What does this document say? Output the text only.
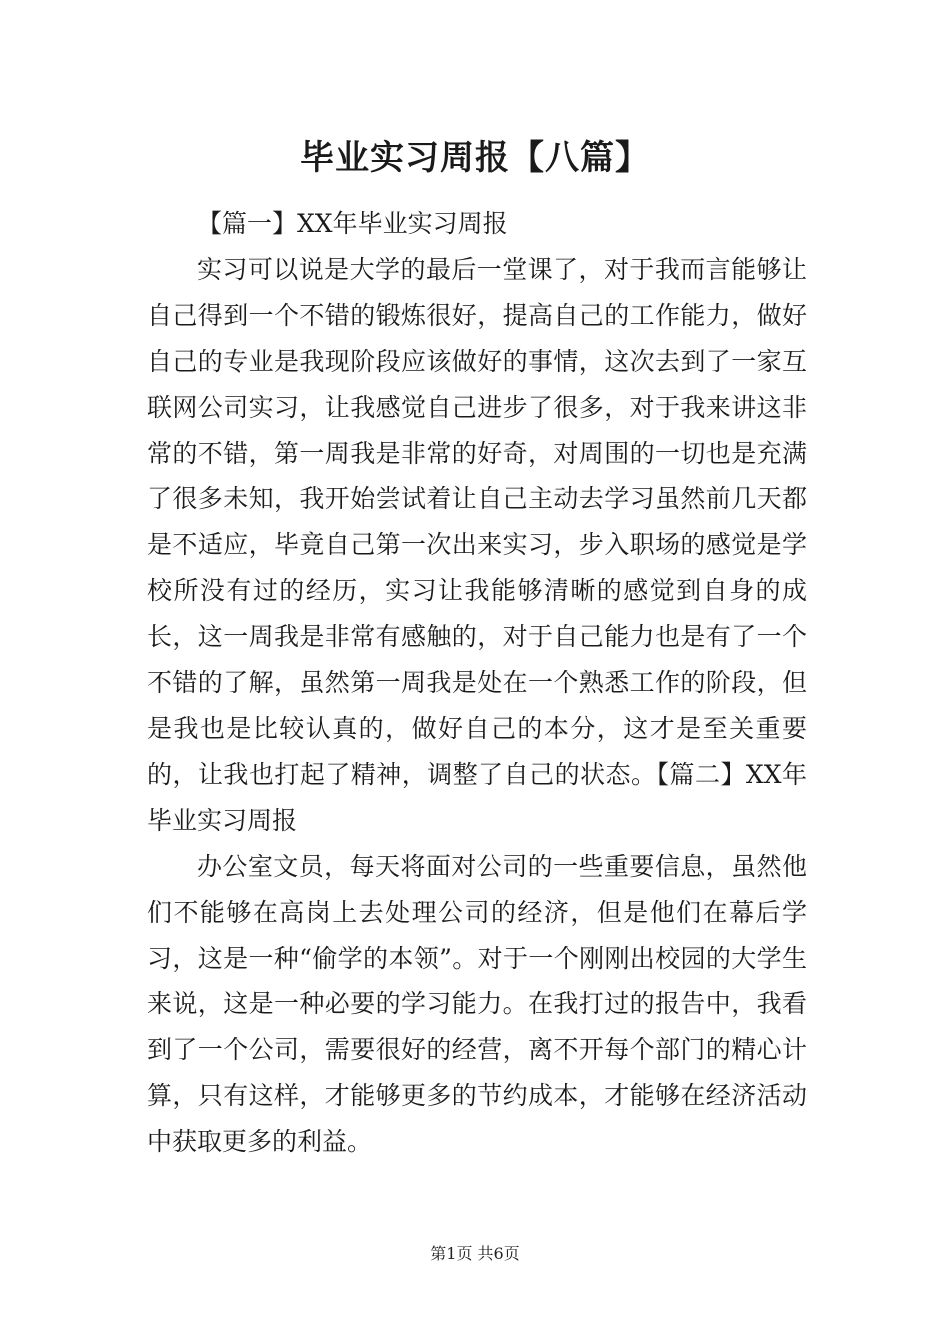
毕业实习周报【八篇】

【篇一】XX年毕业实习周报

实习可以说是大学的最后一堂课了，对于我而言能够让自己得到一个不错的锻炼很好，提高自己的工作能力，做好自己的专业是我现阶段应该做好的事情，这次去到了一家互联网公司实习，让我感觉自己进步了很多，对于我来讲这非常的不错，第一周我是非常的好奇，对周围的一切也是充满了很多未知，我开始尝试着让自己主动去学习虽然前几天都是不适应，毕竟自己第一次出来实习，步入职场的感觉是学校所没有过的经历，实习让我能够清晰的感觉到自身的成长，这一周我是非常有感触的，对于自己能力也是有了一个不错的了解，虽然第一周我是处在一个熟悉工作的阶段，但是我也是比较认真的，做好自己的本分，这才是至关重要的，让我也打起了精神，调整了自己的状态。【篇二】XX年毕业实习周报

办公室文员，每天将面对公司的一些重要信息，虽然他们不能够在高岗上去处理公司的经济，但是他们在幕后学习，这是一种“偷学的本领”。对于一个刚刚出校园的大学生来说，这是一种必要的学习能力。在我打过的报告中，我看到了一个公司，需要很好的经营，离不开每个部门的精心计算，只有这样，才能够更多的节约成本，才能够在经济活动中获取更多的利益。

第1页 共6页
